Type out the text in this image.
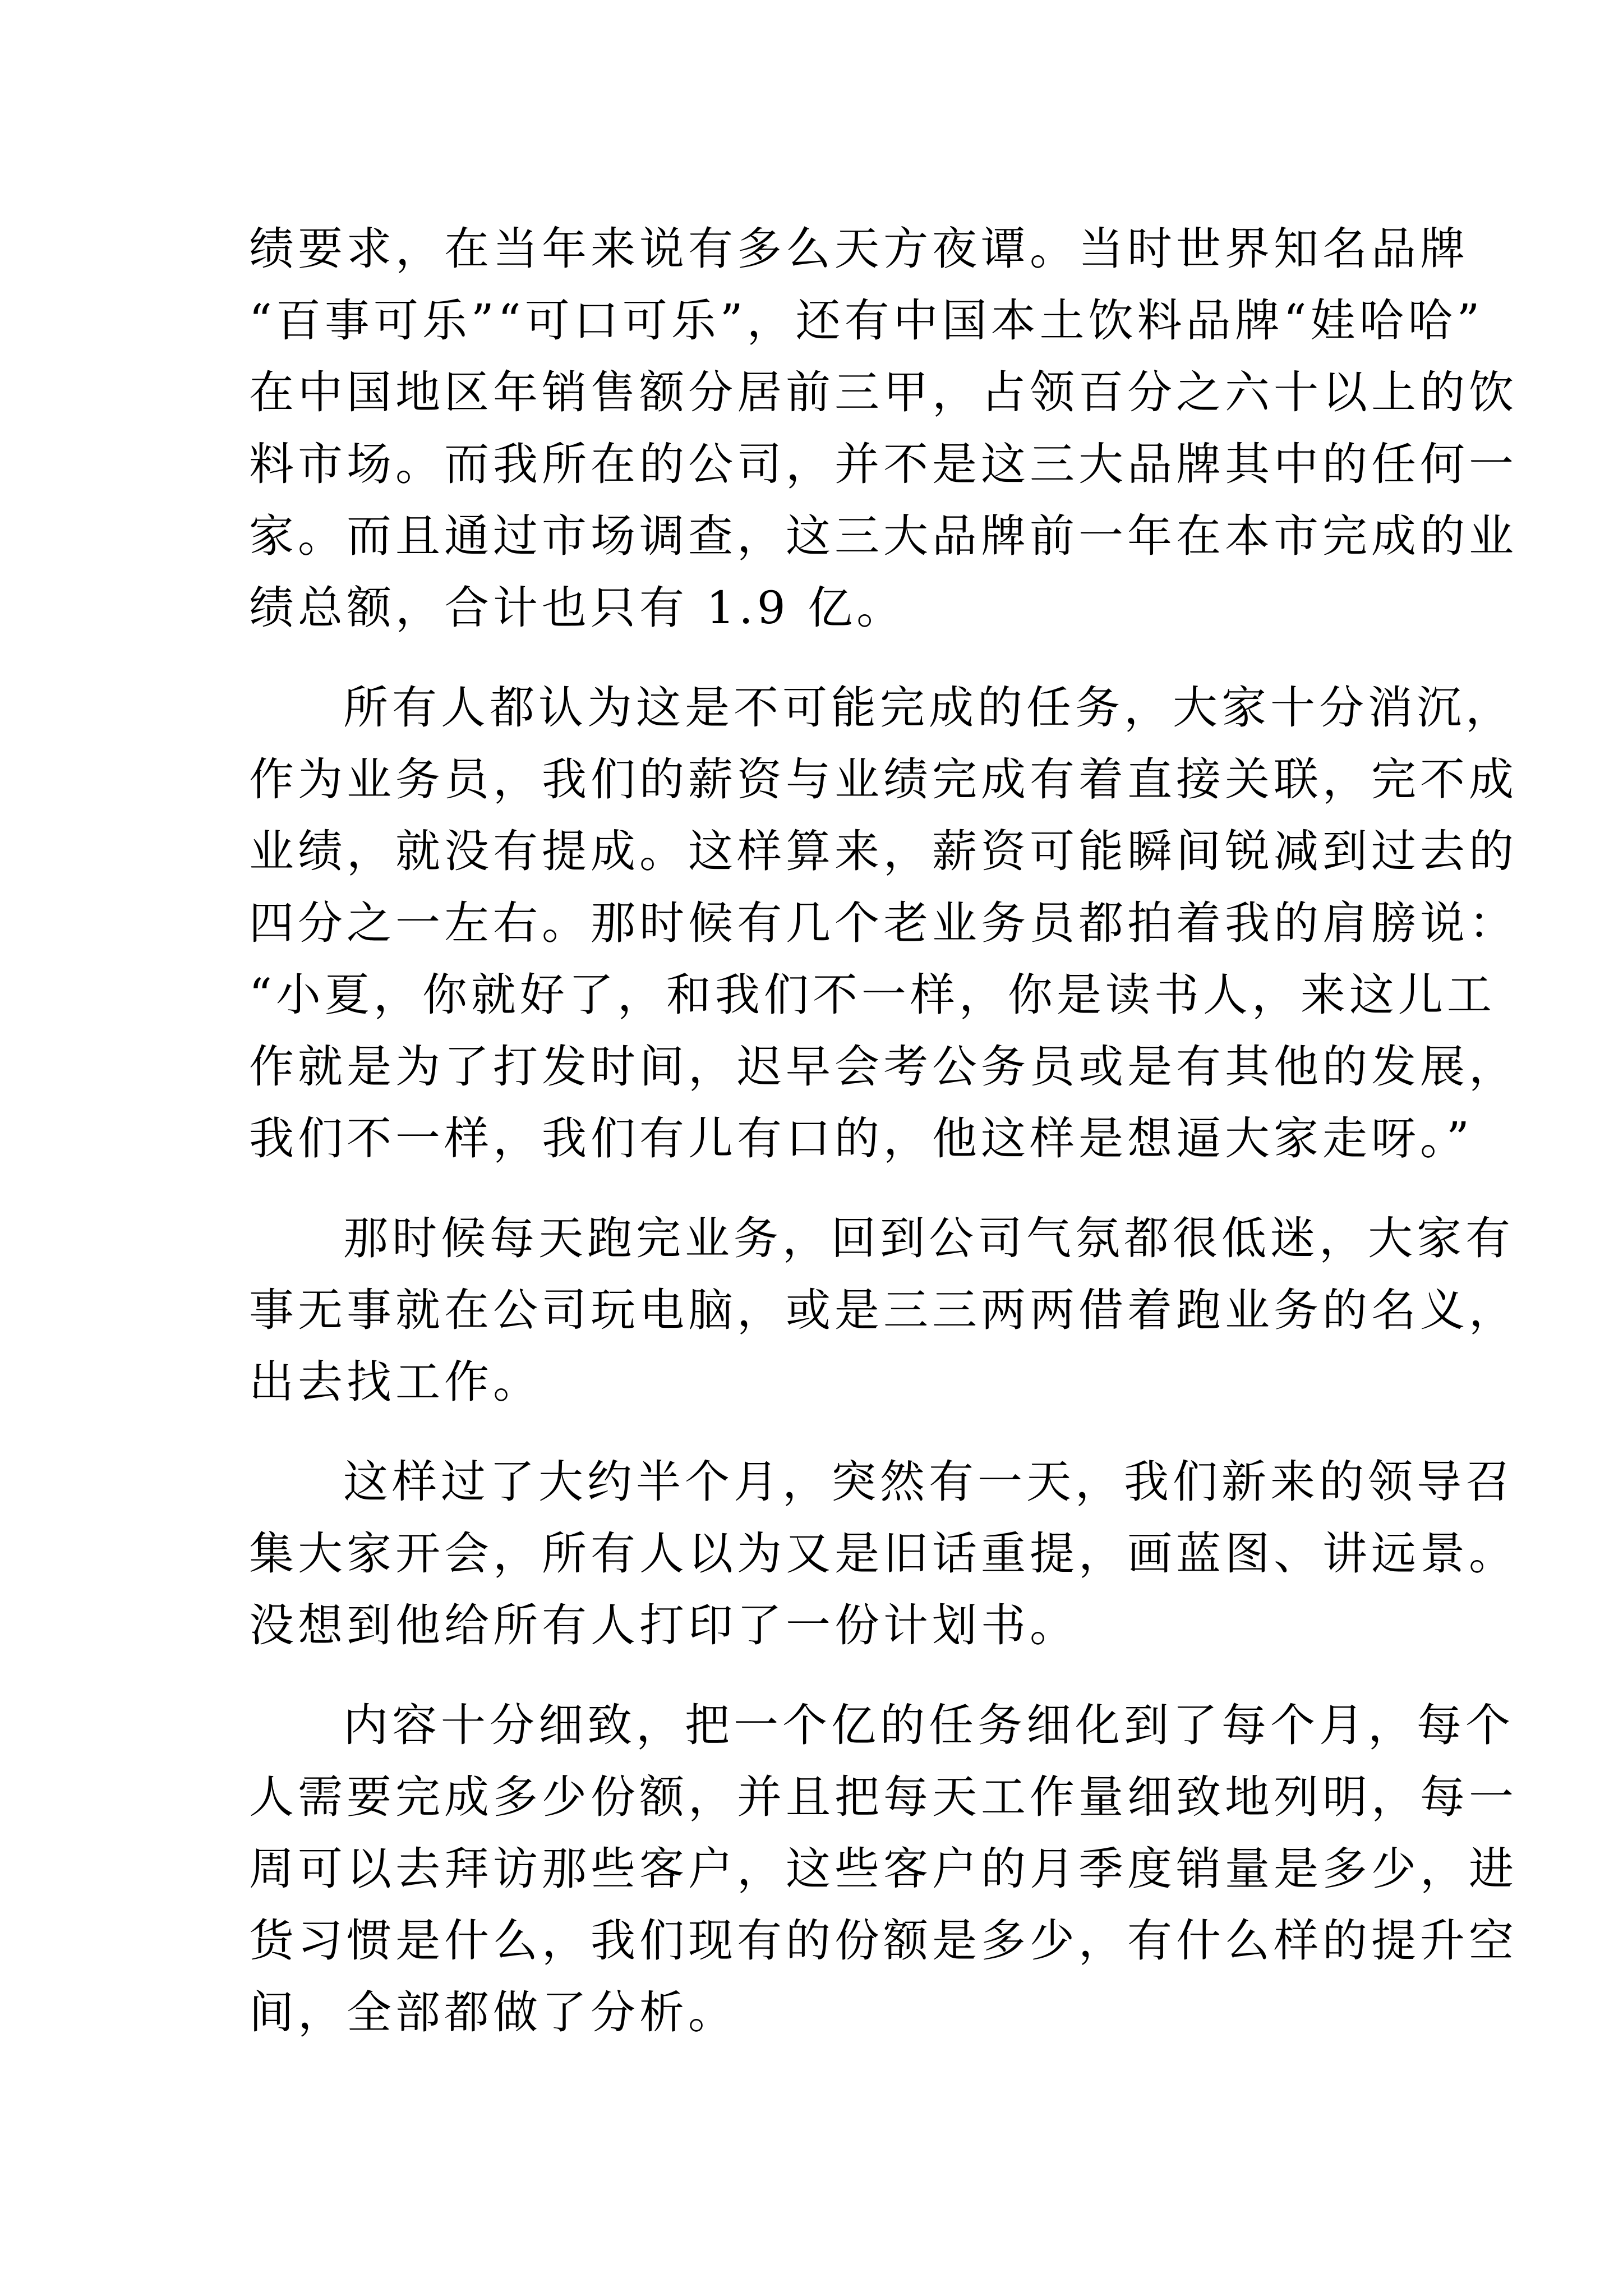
绩要求，在当年来说有多么天方夜谭。当时世界知名品牌
“百事可乐”“可口可乐”，还有中国本土饮料品牌“娃哈哈”
在中国地区年销售额分居前三甲，占领百分之六十以上的饮
料市场。而我所在的公司，并不是这三大品牌其中的任何一
家。而且通过市场调查，这三大品牌前一年在本市完成的业
绩总额，合计也只有 1.9 亿。
所有人都认为这是不可能完成的任务，大家十分消沉，
作为业务员，我们的薪资与业绩完成有着直接关联，完不成
业绩，就没有提成。这样算来，薪资可能瞬间锐减到过去的
四分之一左右。那时候有几个老业务员都拍着我的肩膀说：
“小夏，你就好了，和我们不一样，你是读书人，来这儿工
作就是为了打发时间，迟早会考公务员或是有其他的发展，
我们不一样，我们有儿有口的，他这样是想逼大家走呀。”
那时候每天跑完业务，回到公司气氛都很低迷，大家有
事无事就在公司玩电脑，或是三三两两借着跑业务的名义，
出去找工作。
这样过了大约半个月，突然有一天，我们新来的领导召
集大家开会，所有人以为又是旧话重提，画蓝图、讲远景。
没想到他给所有人打印了一份计划书。
内容十分细致，把一个亿的任务细化到了每个月，每个
人需要完成多少份额，并且把每天工作量细致地列明，每一
周可以去拜访那些客户，这些客户的月季度销量是多少，进
货习惯是什么，我们现有的份额是多少，有什么样的提升空
间，全部都做了分析。
